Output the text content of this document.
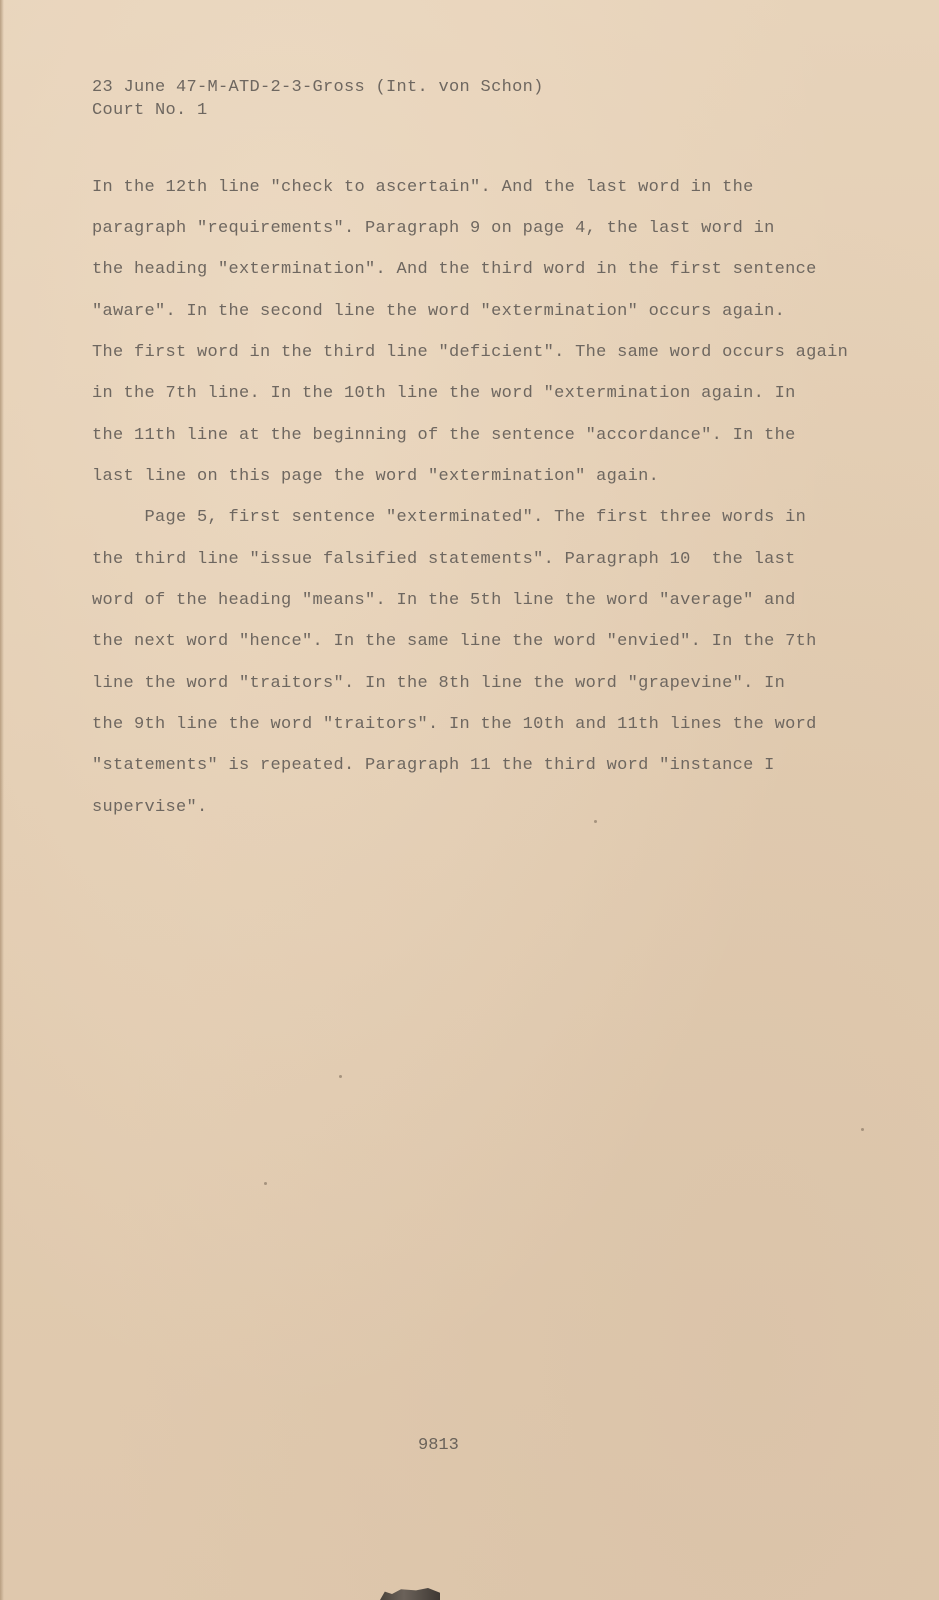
23 June 47-M-ATD-2-3-Gross (Int. von Schon)
Court No. 1
In the 12th line "check to ascertain". And the last word in the
paragraph "requirements". Paragraph 9 on page 4, the last word in
the heading "extermination". And the third word in the first sentence
"aware". In the second line the word "extermination" occurs again.
The first word in the third line "deficient". The same word occurs again
in the 7th line. In the 10th line the word "extermination again. In
the 11th line at the beginning of the sentence "accordance". In the
last line on this page the word "extermination" again.
Page 5, first sentence "exterminated". The first three words in
the third line "issue falsified statements". Paragraph 10  the last
word of the heading "means". In the 5th line the word "average" and
the next word "hence". In the same line the word "envied". In the 7th
line the word "traitors". In the 8th line the word "grapevine". In
the 9th line the word "traitors". In the 10th and 11th lines the word
"statements" is repeated. Paragraph 11 the third word "instance I
supervise".
9813
